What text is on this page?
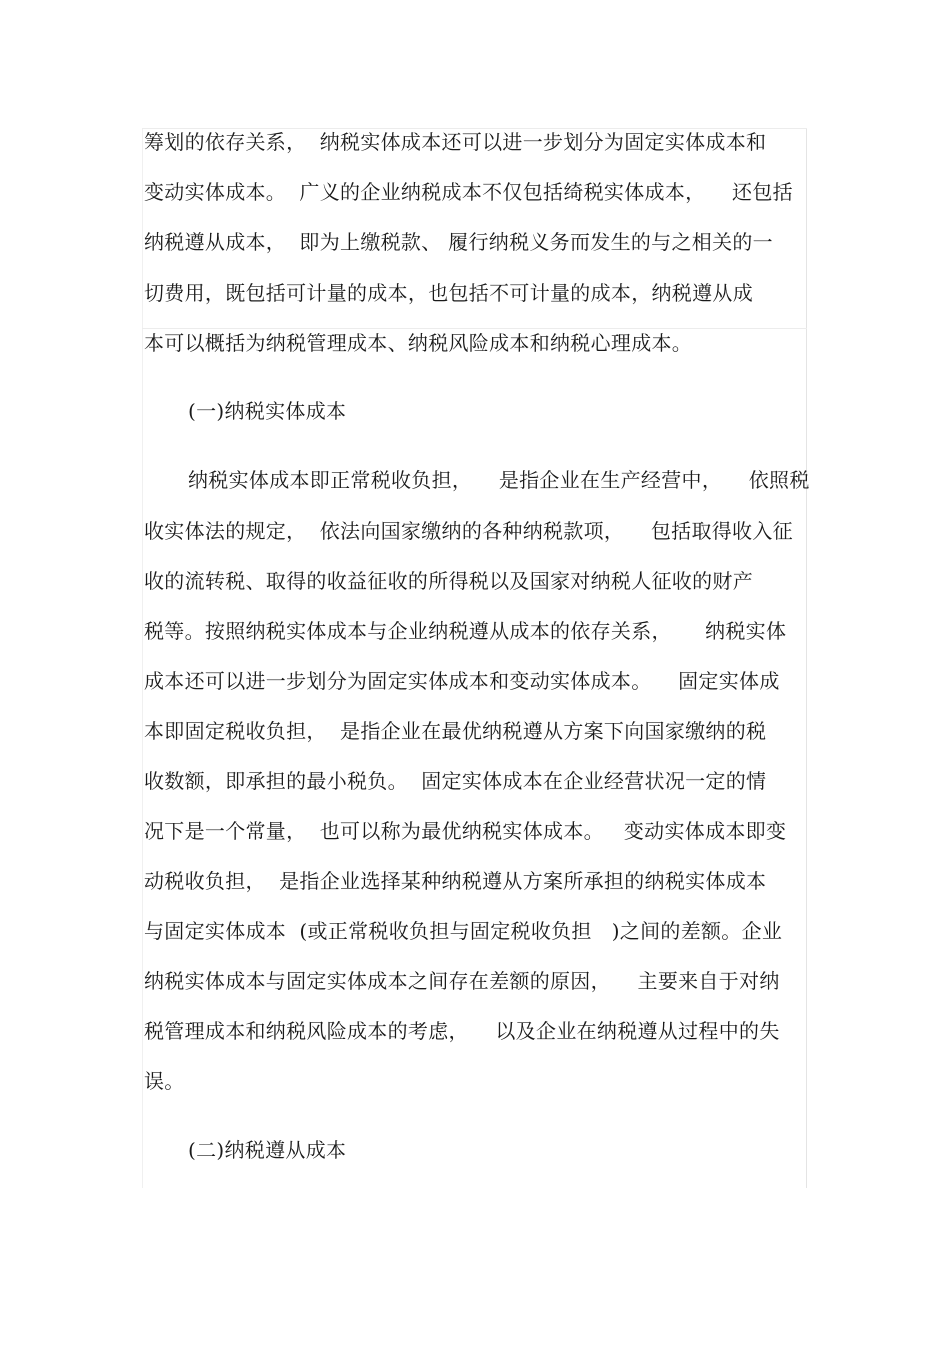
筹划的依存关系，  纳税实体成本还可以进一步划分为固定实体成本和
变动实体成本。  广义的企业纳税成本不仅包括绮税实体成本，    还包括
纳税遵从成本，  即为上缴税款、 履行纳税义务而发生的与之相关的一
切费用，既包括可计量的成本，也包括不可计量的成本，纳税遵从成
本可以概括为纳税管理成本、纳税风险成本和纳税心理成本。
(一)纳税实体成本
纳税实体成本即正常税收负担，    是指企业在生产经营中，    依照税
收实体法的规定，  依法向国家缴纳的各种纳税款项，    包括取得收入征
收的流转税、取得的收益征收的所得税以及国家对纳税人征收的财产
税等。按照纳税实体成本与企业纳税遵从成本的依存关系，     纳税实体
成本还可以进一步划分为固定实体成本和变动实体成本。    固定实体成
本即固定税收负担，  是指企业在最优纳税遵从方案下向国家缴纳的税
收数额，即承担的最小税负。  固定实体成本在企业经营状况一定的情
况下是一个常量，  也可以称为最优纳税实体成本。   变动实体成本即变
动税收负担，  是指企业选择某种纳税遵从方案所承担的纳税实体成本
与固定实体成本  (或正常税收负担与固定税收负担   )之间的差额。企业
纳税实体成本与固定实体成本之间存在差额的原因，    主要来自于对纳
税管理成本和纳税风险成本的考虑，    以及企业在纳税遵从过程中的失
误。
(二)纳税遵从成本
